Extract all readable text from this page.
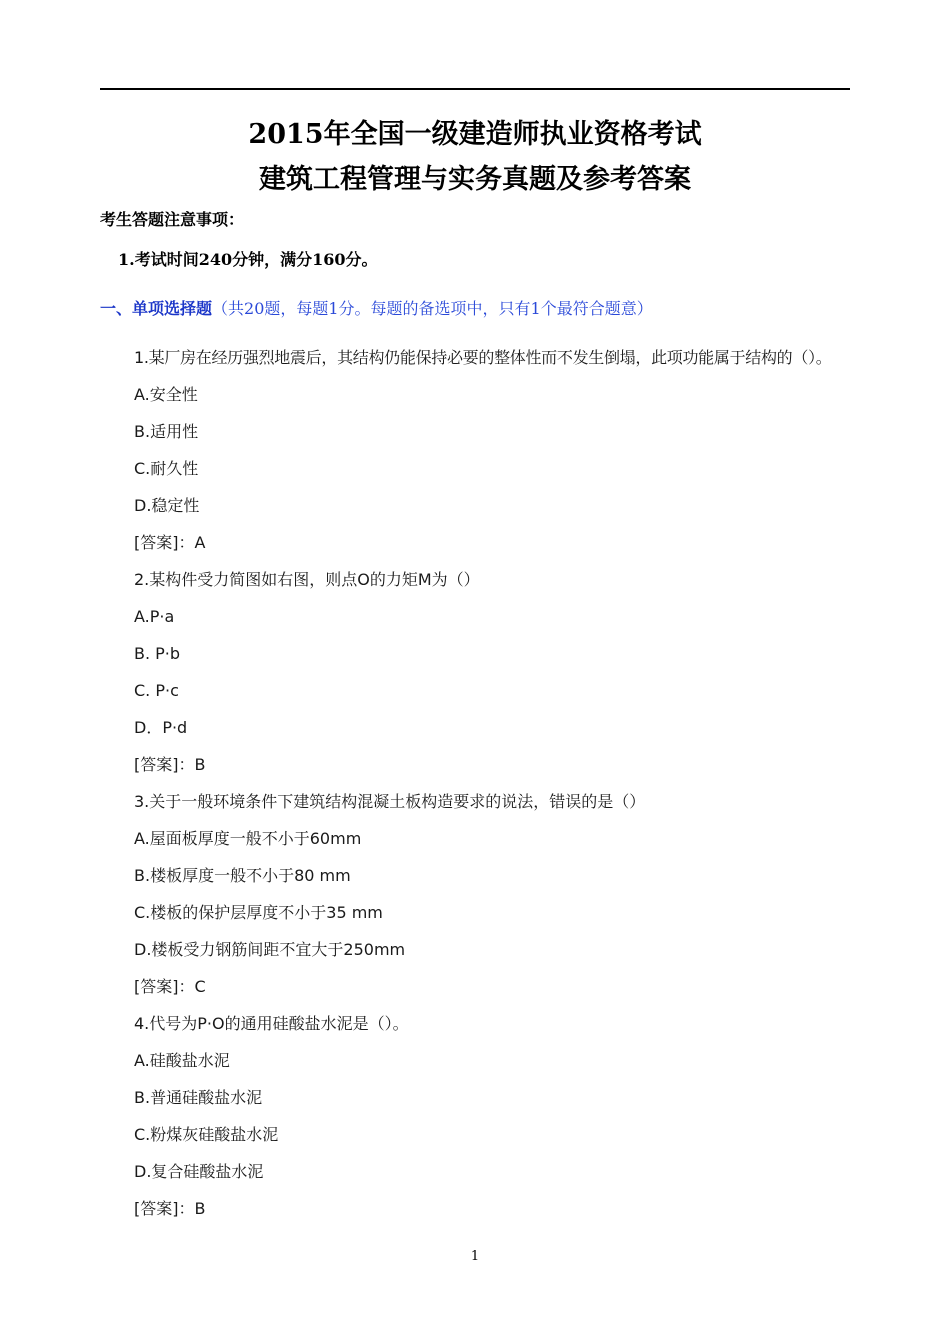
2015年全国一级建造师执业资格考试
建筑工程管理与实务真题及参考答案
考生答题注意事项：
1.考试时间240分钟，满分160分。
一、单项选择题（共20题，每题1分。每题的备选项中，只有1个最符合题意）
1.某厂房在经历强烈地震后，其结构仍能保持必要的整体性而不发生倒塌，此项功能属于结构的（）。
A.安全性
B.适用性
C.耐久性
D.稳定性
[答案]：A
2.某构件受力简图如右图，则点O的力矩M为（）
A.P·a
B. P·b
C. P·c
D．P·d
[答案]：B
3.关于一般环境条件下建筑结构混凝土板构造要求的说法，错误的是（）
A.屋面板厚度一般不小于60mm
B.楼板厚度一般不小于80 mm
C.楼板的保护层厚度不小于35 mm
D.楼板受力钢筋间距不宜大于250mm
[答案]：C
4.代号为P·O的通用硅酸盐水泥是（）。
A.硅酸盐水泥
B.普通硅酸盐水泥
C.粉煤灰硅酸盐水泥
D.复合硅酸盐水泥
[答案]：B
1
